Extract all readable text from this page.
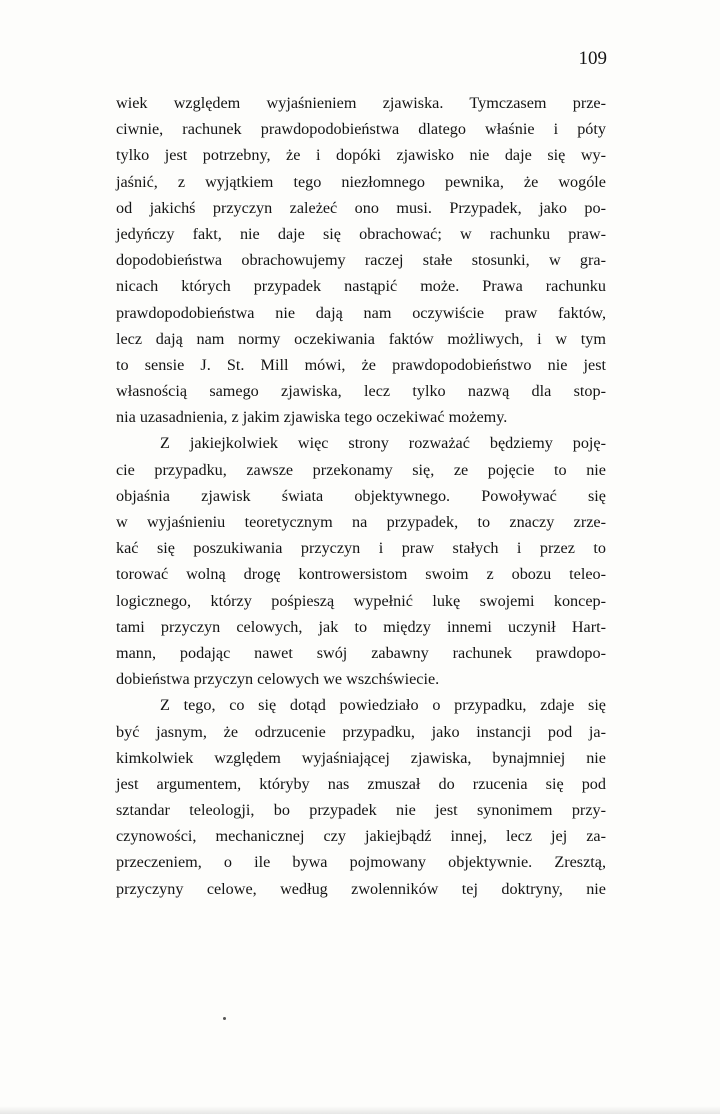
109
wiek względem wyjaśnieniem zjawiska. Tymczasem prze-
ciwnie, rachunek prawdopodobieństwa dlatego właśnie i póty
tylko jest potrzebny, że i dopóki zjawisko nie daje się wy-
jaśnić, z wyjątkiem tego niezłomnego pewnika, że wogóle
od jakichś przyczyn zależeć ono musi. Przypadek, jako po-
jedyńczy fakt, nie daje się obrachować; w rachunku praw-
dopodobieństwa obrachowujemy raczej stałe stosunki, w gra-
nicach których przypadek nastąpić może. Prawa rachunku
prawdopodobieństwa nie dają nam oczywiście praw faktów,
lecz dają nam normy oczekiwania faktów możliwych, i w tym
to sensie J. St. Mill mówi, że prawdopodobieństwo nie jest
własnością samego zjawiska, lecz tylko nazwą dla stop-
nia uzasadnienia, z jakim zjawiska tego oczekiwać możemy.
Z jakiejkolwiek więc strony rozważać będziemy poję-
cie przypadku, zawsze przekonamy się, ze pojęcie to nie
objaśnia zjawisk świata objektywnego. Powoływać się
w wyjaśnieniu teoretycznym na przypadek, to znaczy zrze-
kać się poszukiwania przyczyn i praw stałych i przez to
torować wolną drogę kontrowersistom swoim z obozu teleo-
logicznego, którzy pośpieszą wypełnić lukę swojemi koncep-
tami przyczyn celowych, jak to między innemi uczynił Hart-
mann, podając nawet swój zabawny rachunek prawdopo-
dobieństwa przyczyn celowych we wszchświecie.
Z tego, co się dotąd powiedziało o przypadku, zdaje się
być jasnym, że odrzucenie przypadku, jako instancji pod ja-
kimkolwiek względem wyjaśniającej zjawiska, bynajmniej nie
jest argumentem, któryby nas zmuszał do rzucenia się pod
sztandar teleologji, bo przypadek nie jest synonimem przy-
czynowości, mechanicznej czy jakiejbądź innej, lecz jej za-
przeczeniem, o ile bywa pojmowany objektywnie. Zresztą,
przyczyny celowe, według zwolenników tej doktryny, nie
